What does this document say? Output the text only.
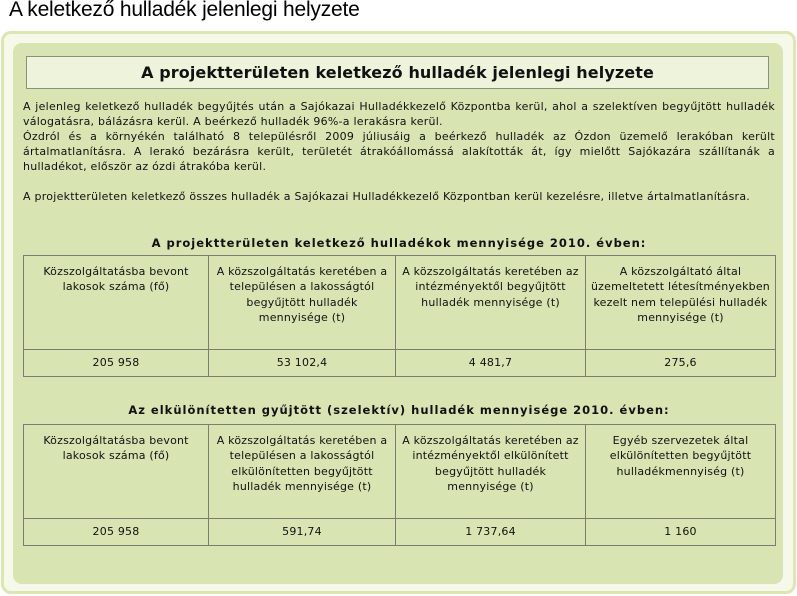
A keletkező hulladék jelenlegi helyzete
A projektterületen keletkező hulladék jelenlegi helyzete

A jelenleg keletkező hulladék begyűjtés után a Sajókazai Hulladékkezelő Központba kerül, ahol a szelektíven begyűjtött hulladék válogatásra, bálázásra kerül. A beérkező hulladék 96%-a lerakásra kerül.

Ózdról és a környékén található 8 településről 2009 júliusáig a beérkező hulladék az Ózdon üzemelő lerakóban került ártalmatlanításra. A lerakó bezárásra került, területét átrakóállomássá alakították át, így mielőtt Sajókazára szállítanák a hulladékot, először az ózdi átrakóba kerül.

A projektterületen keletkező összes hulladék a Sajókazai Hulladékkezelő Központban kerül kezelésre, illetve ártalmatlanításra.

A projektterületen keletkező hulladékok mennyisége 2010. évben:
Közszolgáltatásba bevont lakosok száma (fő)	A közszolgáltatás keretében a településen a lakosságtól begyűjtött hulladék mennyisége (t)	A közszolgáltatás keretében az intézményektől begyűjtött hulladék mennyisége (t)	A közszolgáltató által üzemeltetett létesítményekben kezelt nem települési hulladék mennyisége (t)
205 958	53 102,4	4 481,7	275,6
Az elkülönítetten gyűjtött (szelektív) hulladék mennyisége 2010. évben:
Közszolgáltatásba bevont lakosok száma (fő)	A közszolgáltatás keretében a településen a lakosságtól elkülönítetten begyűjtött hulladék mennyisége (t)	A közszolgáltatás keretében az intézményektől elkülönített begyűjtött hulladék mennyisége (t)	Egyéb szervezetek által elkülönítetten begyűjtött hulladékmennyiség (t)
205 958	591,74	1 737,64	1 160
